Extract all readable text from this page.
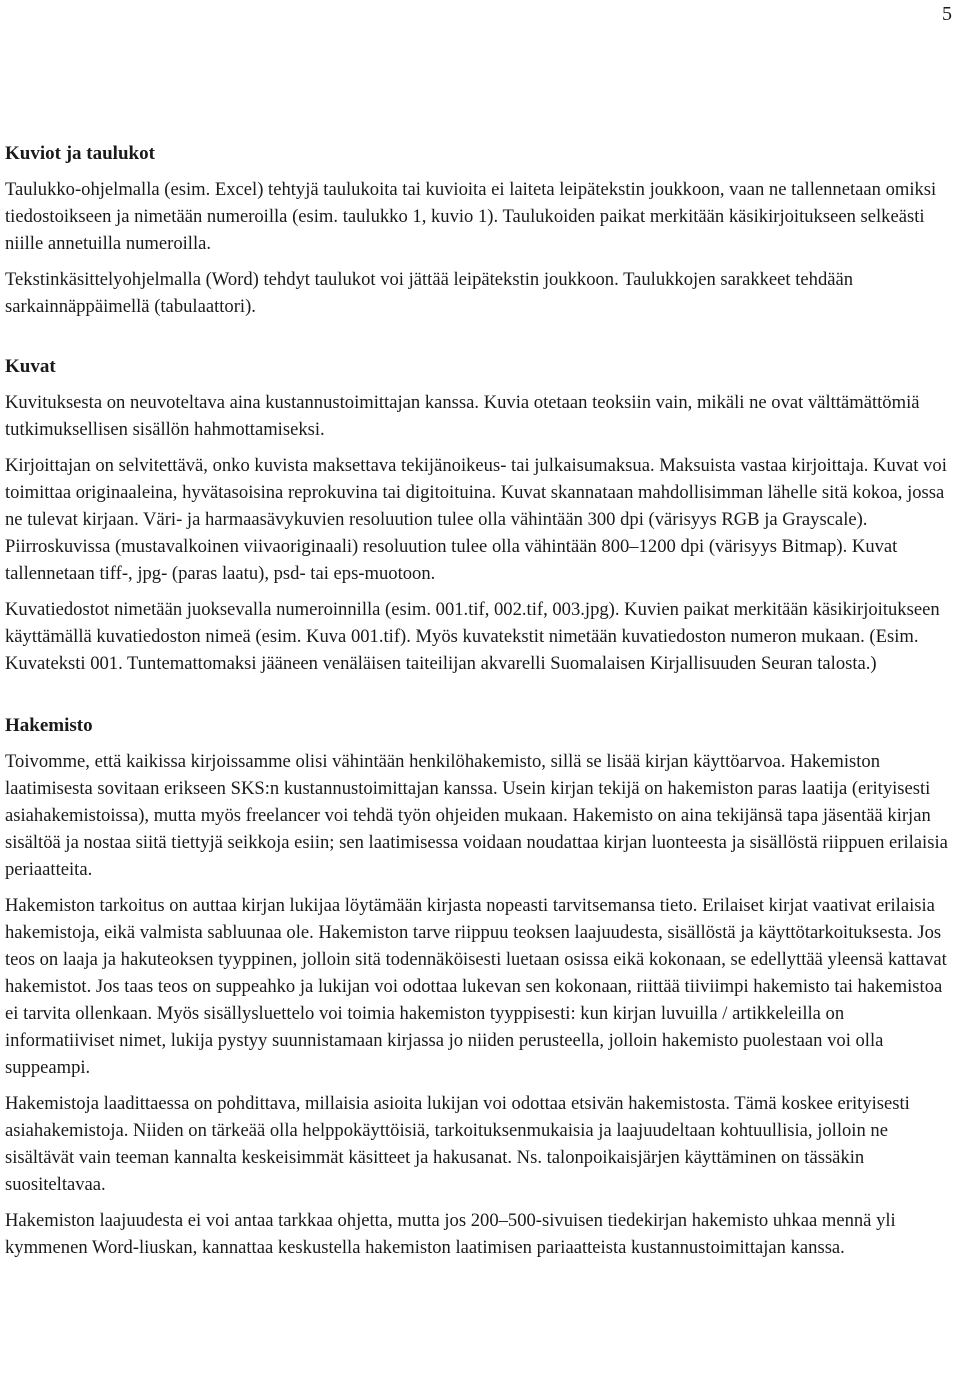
5
Kuviot ja taulukot

Taulukko-ohjelmalla (esim. Excel) tehtyjä taulukoita tai kuvioita ei laiteta leipätekstin joukkoon, vaan ne tallennetaan omiksi tiedostoikseen ja nimetään numeroilla (esim. taulukko 1, kuvio 1). Taulukoiden paikat merkitään käsikirjoitukseen selkeästi niille annetuilla numeroilla.

Tekstinkäsittelyohjelmalla (Word) tehdyt taulukot voi jättää leipätekstin joukkoon. Taulukkojen sarakkeet tehdään sarkainnäppäimellä (tabulaattori).

Kuvat

Kuvituksesta on neuvoteltava aina kustannustoimittajan kanssa. Kuvia otetaan teoksiin vain, mikäli ne ovat välttämättömiä tutkimuksellisen sisällön hahmottamiseksi.

Kirjoittajan on selvitettävä, onko kuvista maksettava tekijänoikeus- tai julkaisumaksua. Maksuista vastaa kirjoittaja. Kuvat voi toimittaa originaaleina, hyvätasoisina reprokuvina tai digitoituina. Kuvat skannataan mahdollisimman lähelle sitä kokoa, jossa ne tulevat kirjaan. Väri- ja harmaasävykuvien resoluution tulee olla vähintään 300 dpi (värisyys RGB ja Grayscale). Piirroskuvissa (mustavalkoinen viivaoriginaali) resoluution tulee olla vähintään 800–1200 dpi (värisyys Bitmap). Kuvat tallennetaan tiff-, jpg- (paras laatu), psd- tai eps-muotoon.

Kuvatiedostot nimetään juoksevalla numeroinnilla (esim. 001.tif, 002.tif, 003.jpg). Kuvien paikat merkitään käsikirjoitukseen käyttämällä kuvatiedoston nimeä (esim. Kuva 001.tif). Myös kuvatekstit nimetään kuvatiedoston numeron mukaan. (Esim. Kuvateksti 001. Tuntemattomaksi jääneen venäläisen taiteilijan akvarelli Suomalaisen Kirjallisuuden Seuran talosta.)

Hakemisto

Toivomme, että kaikissa kirjoissamme olisi vähintään henkilöhakemisto, sillä se lisää kirjan käyttöarvoa. Hakemiston laatimisesta sovitaan erikseen SKS:n kustannustoimittajan kanssa. Usein kirjan tekijä on hakemiston paras laatija (erityisesti asiahakemistoissa), mutta myös freelancer voi tehdä työn ohjeiden mukaan. Hakemisto on aina tekijänsä tapa jäsentää kirjan sisältöä ja nostaa siitä tiettyjä seikkoja esiin; sen laatimisessa voidaan noudattaa kirjan luonteesta ja sisällöstä riippuen erilaisia periaatteita.

Hakemiston tarkoitus on auttaa kirjan lukijaa löytämään kirjasta nopeasti tarvitsemansa tieto. Erilaiset kirjat vaativat erilaisia hakemistoja, eikä valmista sabluunaa ole. Hakemiston tarve riippuu teoksen laajuudesta, sisällöstä ja käyttötarkoituksesta. Jos teos on laaja ja hakuteoksen tyyppinen, jolloin sitä todennäköisesti luetaan osissa eikä kokonaan, se edellyttää yleensä kattavat hakemistot. Jos taas teos on suppeahko ja lukijan voi odottaa lukevan sen kokonaan, riittää tiiviimpi hakemisto tai hakemistoa ei tarvita ollenkaan. Myös sisällysluettelo voi toimia hakemiston tyyppisesti: kun kirjan luvuilla / artikkeleilla on informatiiviset nimet, lukija pystyy suunnistamaan kirjassa jo niiden perusteella, jolloin hakemisto puolestaan voi olla suppeampi.

Hakemistoja laadittaessa on pohdittava, millaisia asioita lukijan voi odottaa etsivän hakemistosta. Tämä koskee erityisesti asiahakemistoja. Niiden on tärkeää olla helppokäyttöisiä, tarkoituksenmukaisia ja laajuudeltaan kohtuullisia, jolloin ne sisältävät vain teeman kannalta keskeisimmät käsitteet ja hakusanat. Ns. talonpoikaisjärjen käyttäminen on tässäkin suositeltavaa.

Hakemiston laajuudesta ei voi antaa tarkkaa ohjetta, mutta jos 200–500-sivuisen tiedekirjan hakemisto uhkaa mennä yli kymmenen Word-liuskan, kannattaa keskustella hakemiston laatimisen pariaatteista kustannustoimittajan kanssa.
